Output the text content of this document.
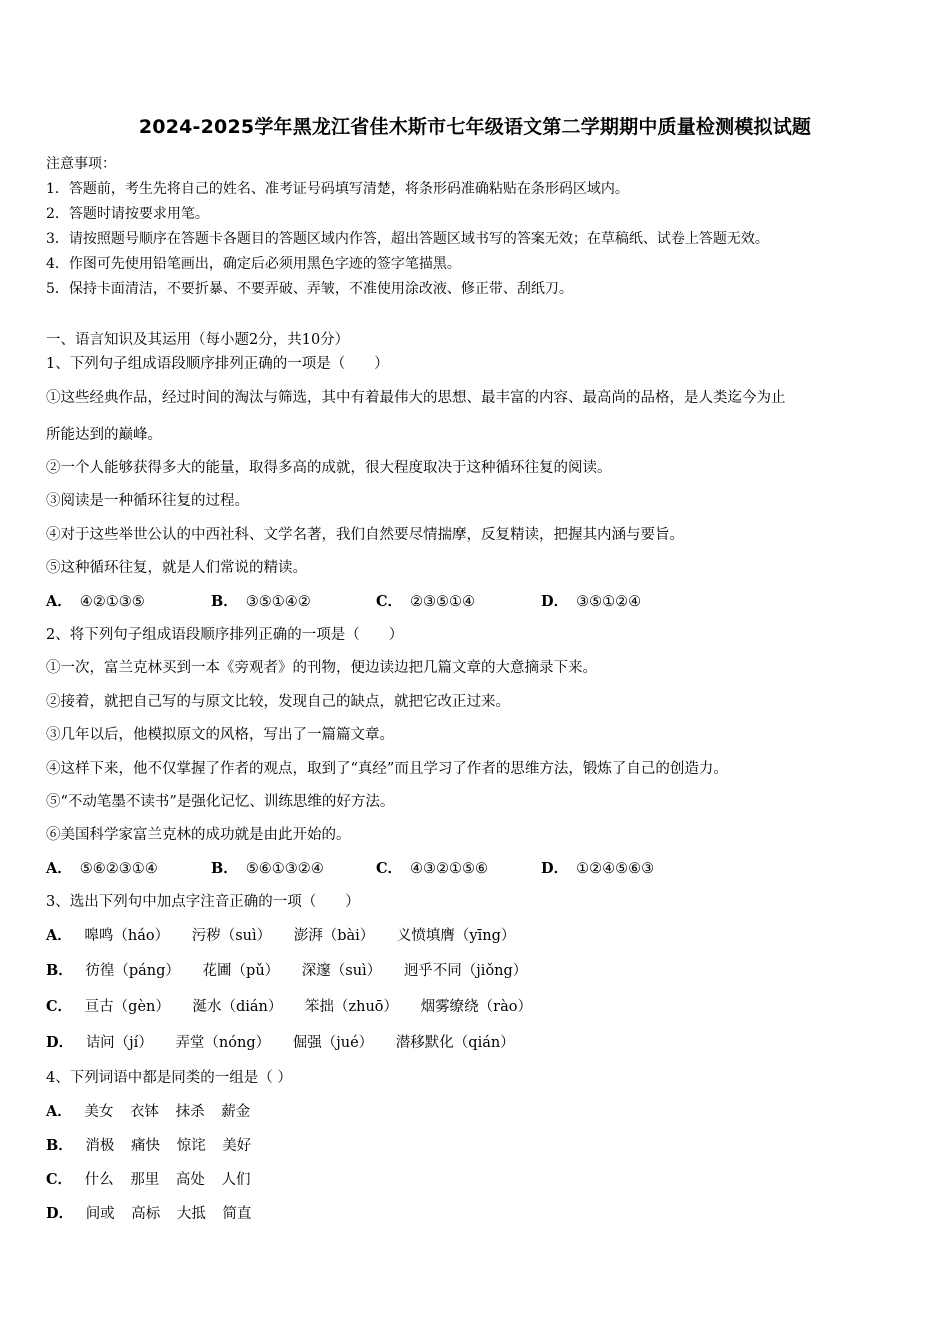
2024-2025学年黑龙江省佳木斯市七年级语文第二学期期中质量检测模拟试题
注意事项：
1．答题前，考生先将自己的姓名、准考证号码填写清楚，将条形码准确粘贴在条形码区域内。
2．答题时请按要求用笔。
3．请按照题号顺序在答题卡各题目的答题区域内作答，超出答题区域书写的答案无效；在草稿纸、试卷上答题无效。
4．作图可先使用铅笔画出，确定后必须用黑色字迹的签字笔描黑。
5．保持卡面清洁，不要折暴、不要弄破、弄皱，不准使用涂改液、修正带、刮纸刀。
一、语言知识及其运用（每小题2分，共10分）
1、下列句子组成语段顺序排列正确的一项是（　　）
①这些经典作品，经过时间的淘汰与筛选，其中有着最伟大的思想、最丰富的内容、最高尚的品格，是人类迄今为止
所能达到的巅峰。
②一个人能够获得多大的能量，取得多高的成就，很大程度取决于这种循环往复的阅读。
③阅读是一种循环往复的过程。
④对于这些举世公认的中西社科、文学名著，我们自然要尽情揣摩，反复精读，把握其内涵与要旨。
⑤这种循环往复，就是人们常说的精读。
A． ④②①③⑤	B． ③⑤①④②	C． ②③⑤①④	D． ③⑤①②④
2、将下列句子组成语段顺序排列正确的一项是（　　）
①一次，富兰克林买到一本《旁观者》的刊物，便边读边把几篇文章的大意摘录下来。
②接着，就把自己写的与原文比较，发现自己的缺点，就把它改正过来。
③几年以后，他模拟原文的风格，写出了一篇篇文章。
④这样下来，他不仅掌握了作者的观点，取到了“真经”而且学习了作者的思维方法，锻炼了自己的创造力。
⑤“不动笔墨不读书”是强化记忆、训练思维的好方法。
⑥美国科学家富兰克林的成功就是由此开始的。
A． ⑤⑥②③①④	B． ⑤⑥①③②④	C． ④③②①⑤⑥	D． ①②④⑤⑥③
3、选出下列句中加点字注音正确的一项（　　）
A． 嗥鸣（háo） 污秽（suì） 澎湃（bài） 义愤填膺（yīng）
B． 彷徨（páng） 花圃（pǔ） 深邃（suì） 迥乎不同（jiǒng）
C． 亘古（gèn） 涎水（dián） 笨拙（zhuō） 烟雾缭绕（rào）
D． 诘问（jí） 弄堂（nóng） 倔强（jué） 潜移默化（qián）
4、下列词语中都是同类的一组是（ ）
A． 美女 衣钵 抹杀 薪金
B． 消极 痛快 惊诧 美好
C． 什么 那里 高处 人们
D． 间或 高标 大抵 简直
